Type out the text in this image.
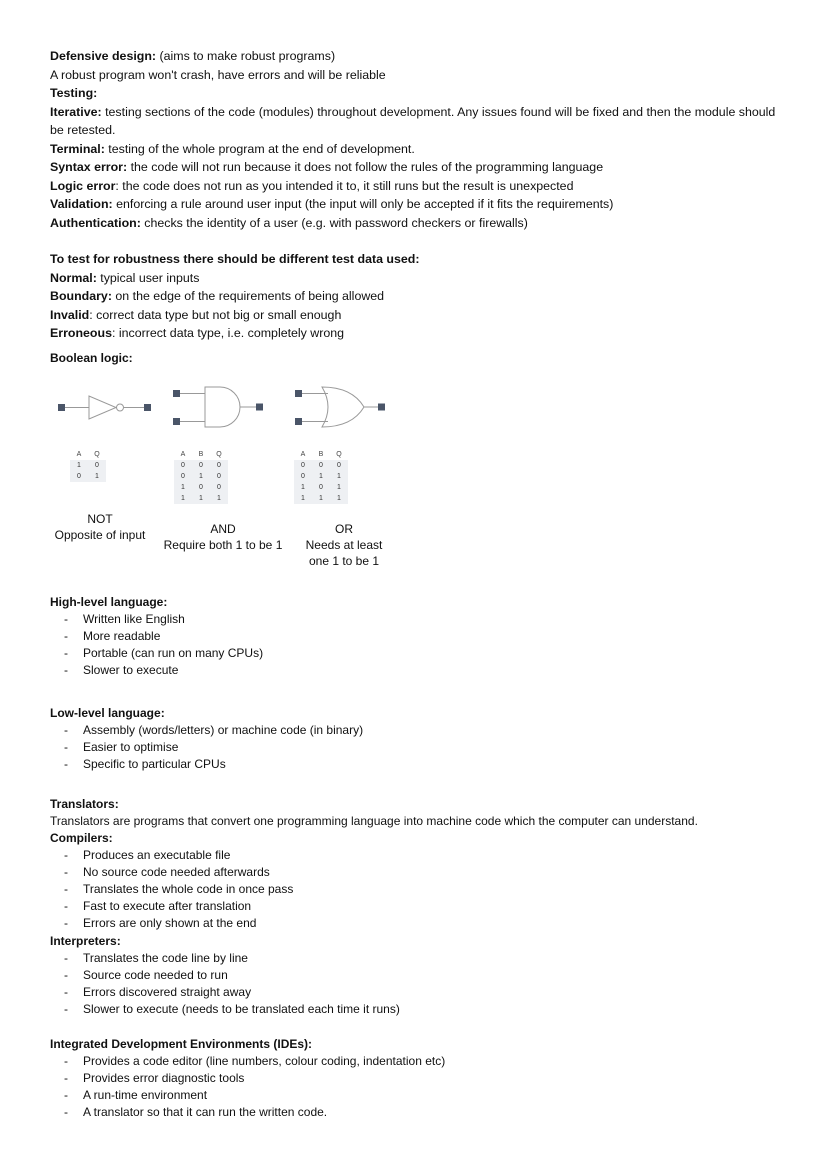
Defensive design: (aims to make robust programs)
A robust program won't crash, have errors and will be reliable
Testing:
Iterative: testing sections of the code (modules) throughout development. Any issues found will be fixed and then the module should be retested.
Terminal: testing of the whole program at the end of development.
Syntax error: the code will not run because it does not follow the rules of the programming language
Logic error: the code does not run as you intended it to, it still runs but the result is unexpected
Validation: enforcing a rule around user input (the input will only be accepted if it fits the requirements)
Authentication: checks the identity of a user (e.g. with password checkers or firewalls)
To test for robustness there should be different test data used:
Normal: typical user inputs
Boundary: on the edge of the requirements of being allowed
Invalid: correct data type but not big or small enough
Erroneous: incorrect data type, i.e. completely wrong
Boolean logic:
A	Q
1	0
0	1
NOT
Opposite of input
A	B	Q
0	0	0
0	1	0
1	0	0
1	1	1
AND
Require both 1 to be 1
A	B	Q
0	0	0
0	1	1
1	0	1
1	1	1
OR
Needs at least
one 1 to be 1
High-level language:
- Written like English
- More readable
- Portable (can run on many CPUs)
- Slower to execute
Low-level language:
- Assembly (words/letters) or machine code (in binary)
- Easier to optimise
- Specific to particular CPUs
Translators:
Translators are programs that convert one programming language into machine code which the computer can understand.
Compilers:
- Produces an executable file
- No source code needed afterwards
- Translates the whole code in once pass
- Fast to execute after translation
- Errors are only shown at the end
Interpreters:
- Translates the code line by line
- Source code needed to run
- Errors discovered straight away
- Slower to execute (needs to be translated each time it runs)
Integrated Development Environments (IDEs):
- Provides a code editor (line numbers, colour coding, indentation etc)
- Provides error diagnostic tools
- A run-time environment
- A translator so that it can run the written code.
